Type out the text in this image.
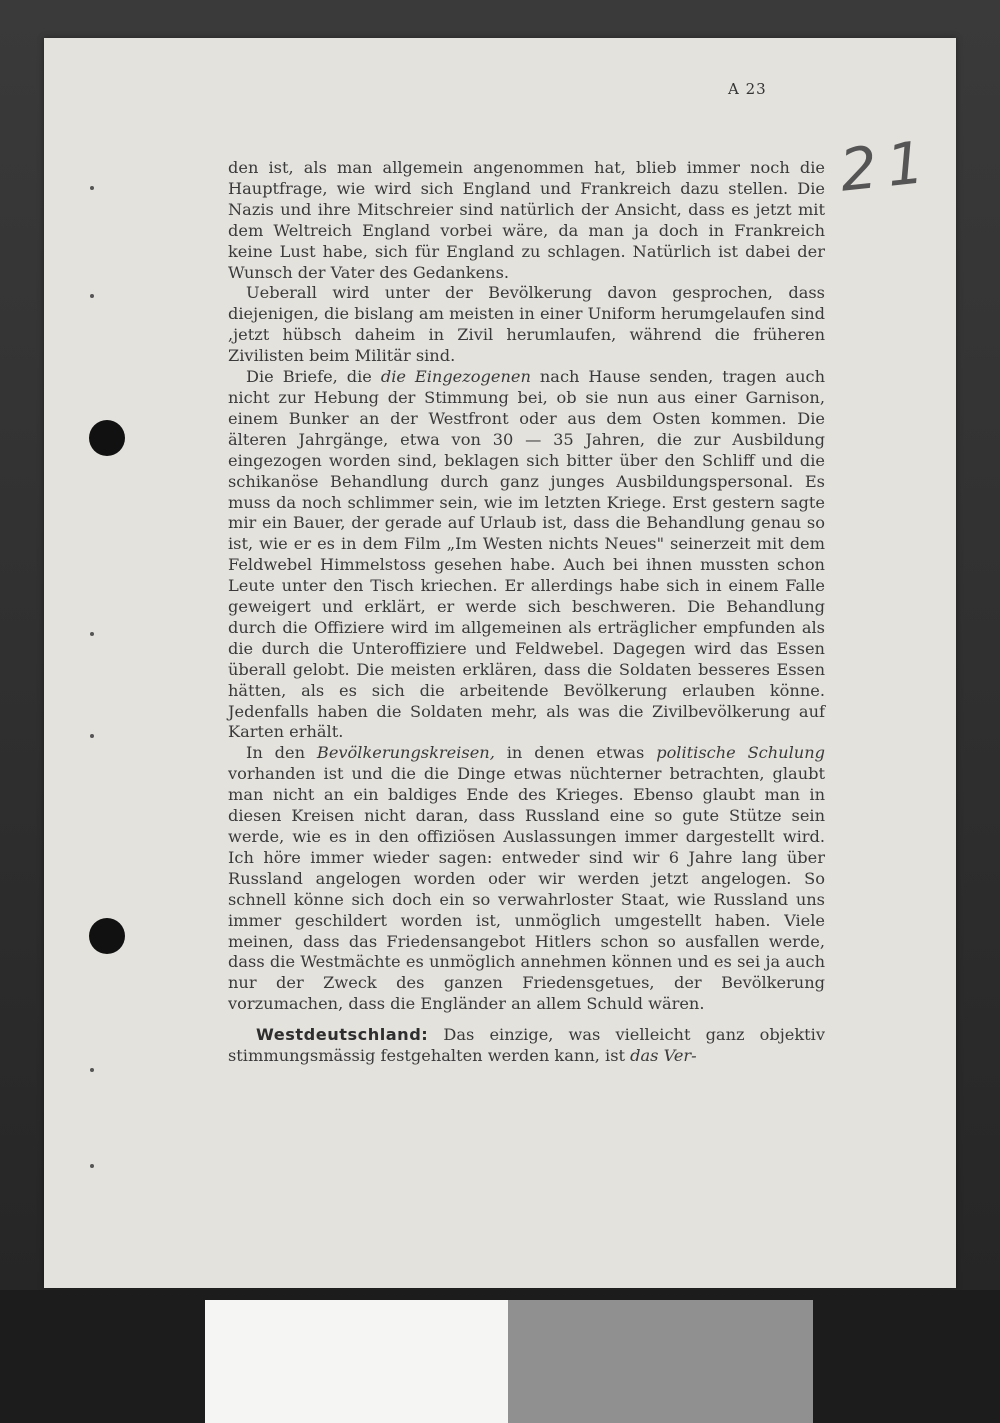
A 23
21

den ist, als man allgemein angenommen hat, blieb immer noch die Hauptfrage, wie wird sich England und Frankreich dazu stellen. Die Nazis und ihre Mitschreier sind natürlich der Ansicht, dass es jetzt mit dem Weltreich England vorbei wäre, da man ja doch in Frankreich keine Lust habe, sich für England zu schlagen. Natürlich ist dabei der Wunsch der Vater des Gedankens.

Ueberall wird unter der Bevölkerung davon gesprochen, dass diejenigen, die bislang am meisten in einer Uniform herumgelaufen sind ,jetzt hübsch daheim in Zivil herumlaufen, während die früheren Zivilisten beim Militär sind.

Die Briefe, die die Eingezogenen nach Hause senden, tragen auch nicht zur Hebung der Stimmung bei, ob sie nun aus einer Garnison, einem Bunker an der Westfront oder aus dem Osten kommen. Die älteren Jahrgänge, etwa von 30 — 35 Jahren, die zur Ausbildung eingezogen worden sind, beklagen sich bitter über den Schliff und die schikanöse Behandlung durch ganz junges Ausbildungspersonal. Es muss da noch schlimmer sein, wie im letzten Kriege. Erst gestern sagte mir ein Bauer, der gerade auf Urlaub ist, dass die Behandlung genau so ist, wie er es in dem Film „Im Westen nichts Neues" seinerzeit mit dem Feldwebel Himmelstoss gesehen habe. Auch bei ihnen mussten schon Leute unter den Tisch kriechen. Er allerdings habe sich in einem Falle geweigert und erklärt, er werde sich beschweren. Die Behandlung durch die Offiziere wird im allgemeinen als erträglicher empfunden als die durch die Unteroffiziere und Feldwebel. Dagegen wird das Essen überall gelobt. Die meisten erklären, dass die Soldaten besseres Essen hätten, als es sich die arbeitende Bevölkerung erlauben könne. Jedenfalls haben die Soldaten mehr, als was die Zivilbevölkerung auf Karten erhält.

In den Bevölkerungskreisen, in denen etwas politische Schulung vorhanden ist und die die Dinge etwas nüchterner betrachten, glaubt man nicht an ein baldiges Ende des Krieges. Ebenso glaubt man in diesen Kreisen nicht daran, dass Russland eine so gute Stütze sein werde, wie es in den offiziösen Auslassungen immer dargestellt wird. Ich höre immer wieder sagen: entweder sind wir 6 Jahre lang über Russland angelogen worden oder wir werden jetzt angelogen. So schnell könne sich doch ein so verwahrloster Staat, wie Russland uns immer geschildert worden ist, unmöglich umgestellt haben. Viele meinen, dass das Friedensangebot Hitlers schon so ausfallen werde, dass die Westmächte es unmöglich annehmen können und es sei ja auch nur der Zweck des ganzen Friedensgetues, der Bevölkerung vorzumachen, dass die Engländer an allem Schuld wären.

Westdeutschland: Das einzige, was vielleicht ganz objektiv stimmungsmässig festgehalten werden kann, ist das Ver-
